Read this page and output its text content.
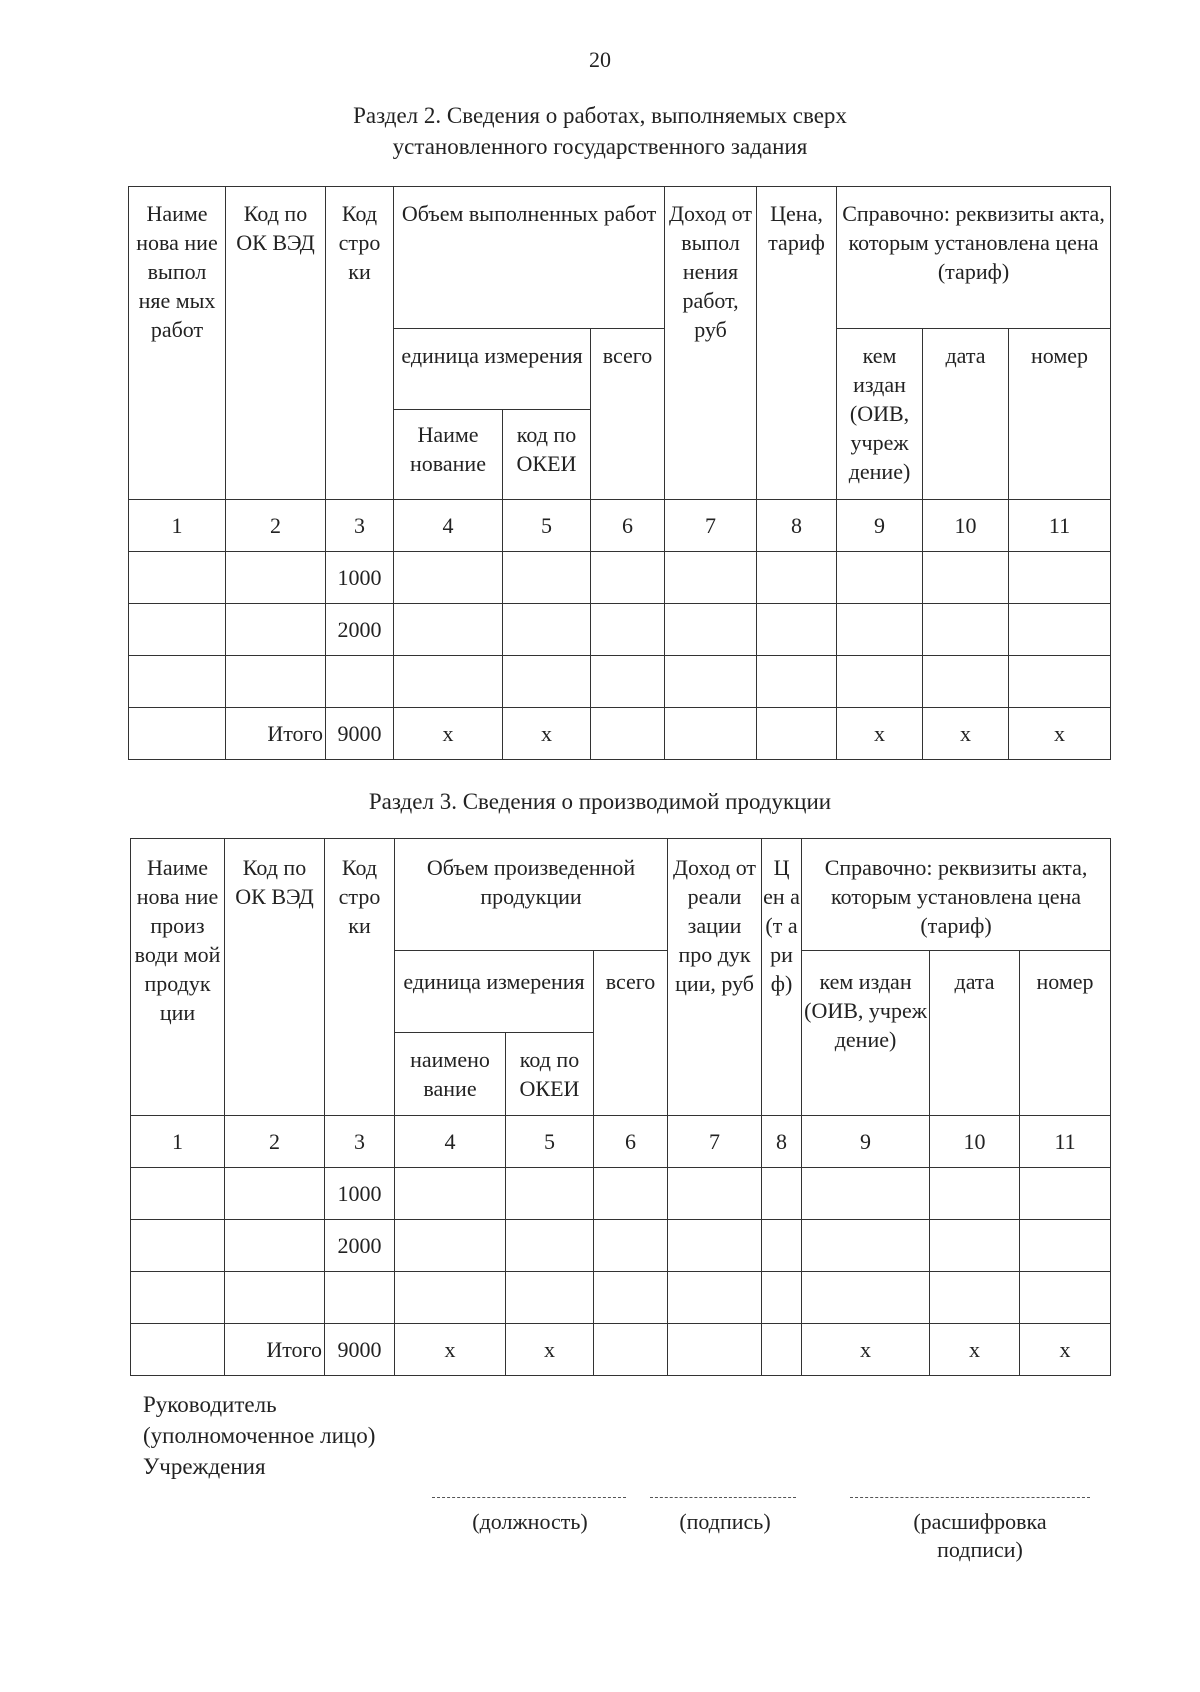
20
Раздел 2. Сведения о работах, выполняемых сверх
установленного государственного задания
Наиме нова ние выпол няе мых работ	Код по ОК ВЭД	Код стро ки	Объем выполненных работ			Доход от выпол нения работ, руб	Цена, тариф	Справочно: реквизиты акта, которым установлена цена (тариф)		
			единица измерения		всего			кем издан (ОИВ, учреж дение)	дата	номер
			Наиме нование	код по ОКЕИ						
1	2	3	4	5	6	7	8	9	10	11
		1000								
		2000								

	Итого	9000	х	х				х	х	х
Раздел 3. Сведения о производимой продукции
Наиме нова ние произ води мой продук ции	Код по ОК ВЭД	Код стро ки	Объем произведенной продукции			Доход от реали зации про дук ции, руб	Ц ен а (т а ри ф)	Справочно: реквизиты акта, которым установлена цена (тариф)		
			единица измерения		всего			кем издан (ОИВ, учреж дение)	дата	номер
			наимено вание	код по ОКЕИ						
1	2	3	4	5	6	7	8	9	10	11
		1000								
		2000								

	Итого	9000	х	х				х	х	х
Руководитель
(уполномоченное лицо)
Учреждения
(должность)	(подпись)	(расшифровка подписи)
